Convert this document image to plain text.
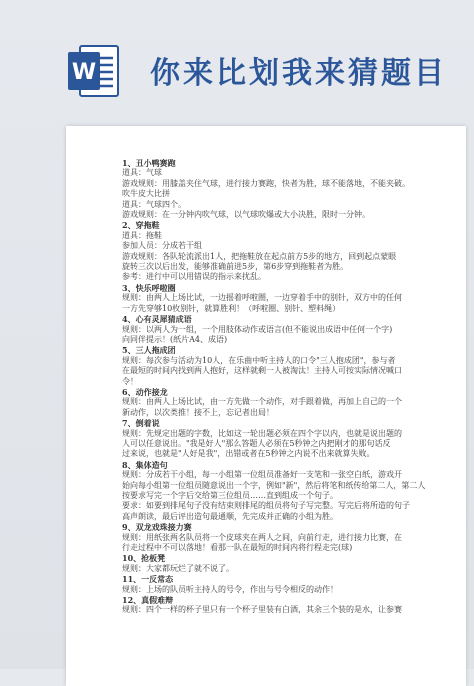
W 你来比划我来猜题目
1、丑小鸭赛跑
道具：气球
游戏规则：用膝盖夹住气球，进行接力赛跑，快者为胜，球不能落地，不能夹破。
吹牛皮大比拼
道具：气球四个。
游戏规则：在一分钟内吹气球，以气球吹爆或大小决胜，限时一分钟。
2、穿拖鞋
道具：拖鞋
参加人员：分成若干组
游戏规则：各队轮流派出1人，把拖鞋放在起点前方5步的地方，回到起点蒙眼
旋转三次以后出发，能够准确前进5步，第6步穿到拖鞋者为胜。
参考：进行中可以用错误的指示来扰乱。
3、快乐呼啦圈
规则：由两人上场比试，一边摇着呼啦圈，一边穿着手中的别针，双方中的任何
一方先穿够10枚别针，就算胜利！（呼啦圈、别针、塑料绳）
4、心有灵犀猜成语
规则：以两人为一组，一个用肢体动作或语言(但不能说出成语中任何一个字)
向同伴提示！(纸片A4、成语)
5、三人拖成团
规则：每次参与活动为10人，在乐曲中听主持人的口令"三人抱成团"，参与者
在最短的时间内找到两人抱好，这样就剩一人被淘汰！主持人可按实际情况喊口
令！
6、动作接龙
规则：由两人上场比试，由一方先做一个动作，对手跟着做，再加上自己的一个
新动作，以次类推！接不上，忘记者出局！
7、倒着说
规则：先规定出题的字数，比如这一轮出题必须在四个字以内，也就是说出题的
人可以任意说出。"我是好人"那么答题人必须在5秒钟之内把刚才的那句话反
过来说，也就是"人好是我"，出错或者在5秒钟之内说不出来就算失败。
8、集体造句
规则：分成若干小组，每一小组第一位组员准备好一支笔和一张空白纸，游戏开
始向每小组第一位组员随意说出一个字，例如"新"，然后将笔和纸传给第二人，第二人
按要求写完一个字后交给第三位组员……直到组成一个句子。
要求：如要到排尾句子没有结束则排尾的组员将句子写完整。写完后将所造的句子
高声朗读，最后评出造句最通顺，先完成并正确的小组为胜。
9、双龙戏珠接力赛
规则：用纸张两名队员将一个皮球夹在两人之间，向前行走，进行接力比赛，在
行走过程中不可以落地！看那一队在最短的时间内将行程走完(球)
10、抢板凳
规则：大家都玩烂了就不说了。
11、一反常态
规则：上场的队员听主持人的号令，作出与号令相反的动作！
12、真假难辩
规则：四个一样的杯子里只有一个杯子里装有白酒，其余三个装的是水，让参赛
